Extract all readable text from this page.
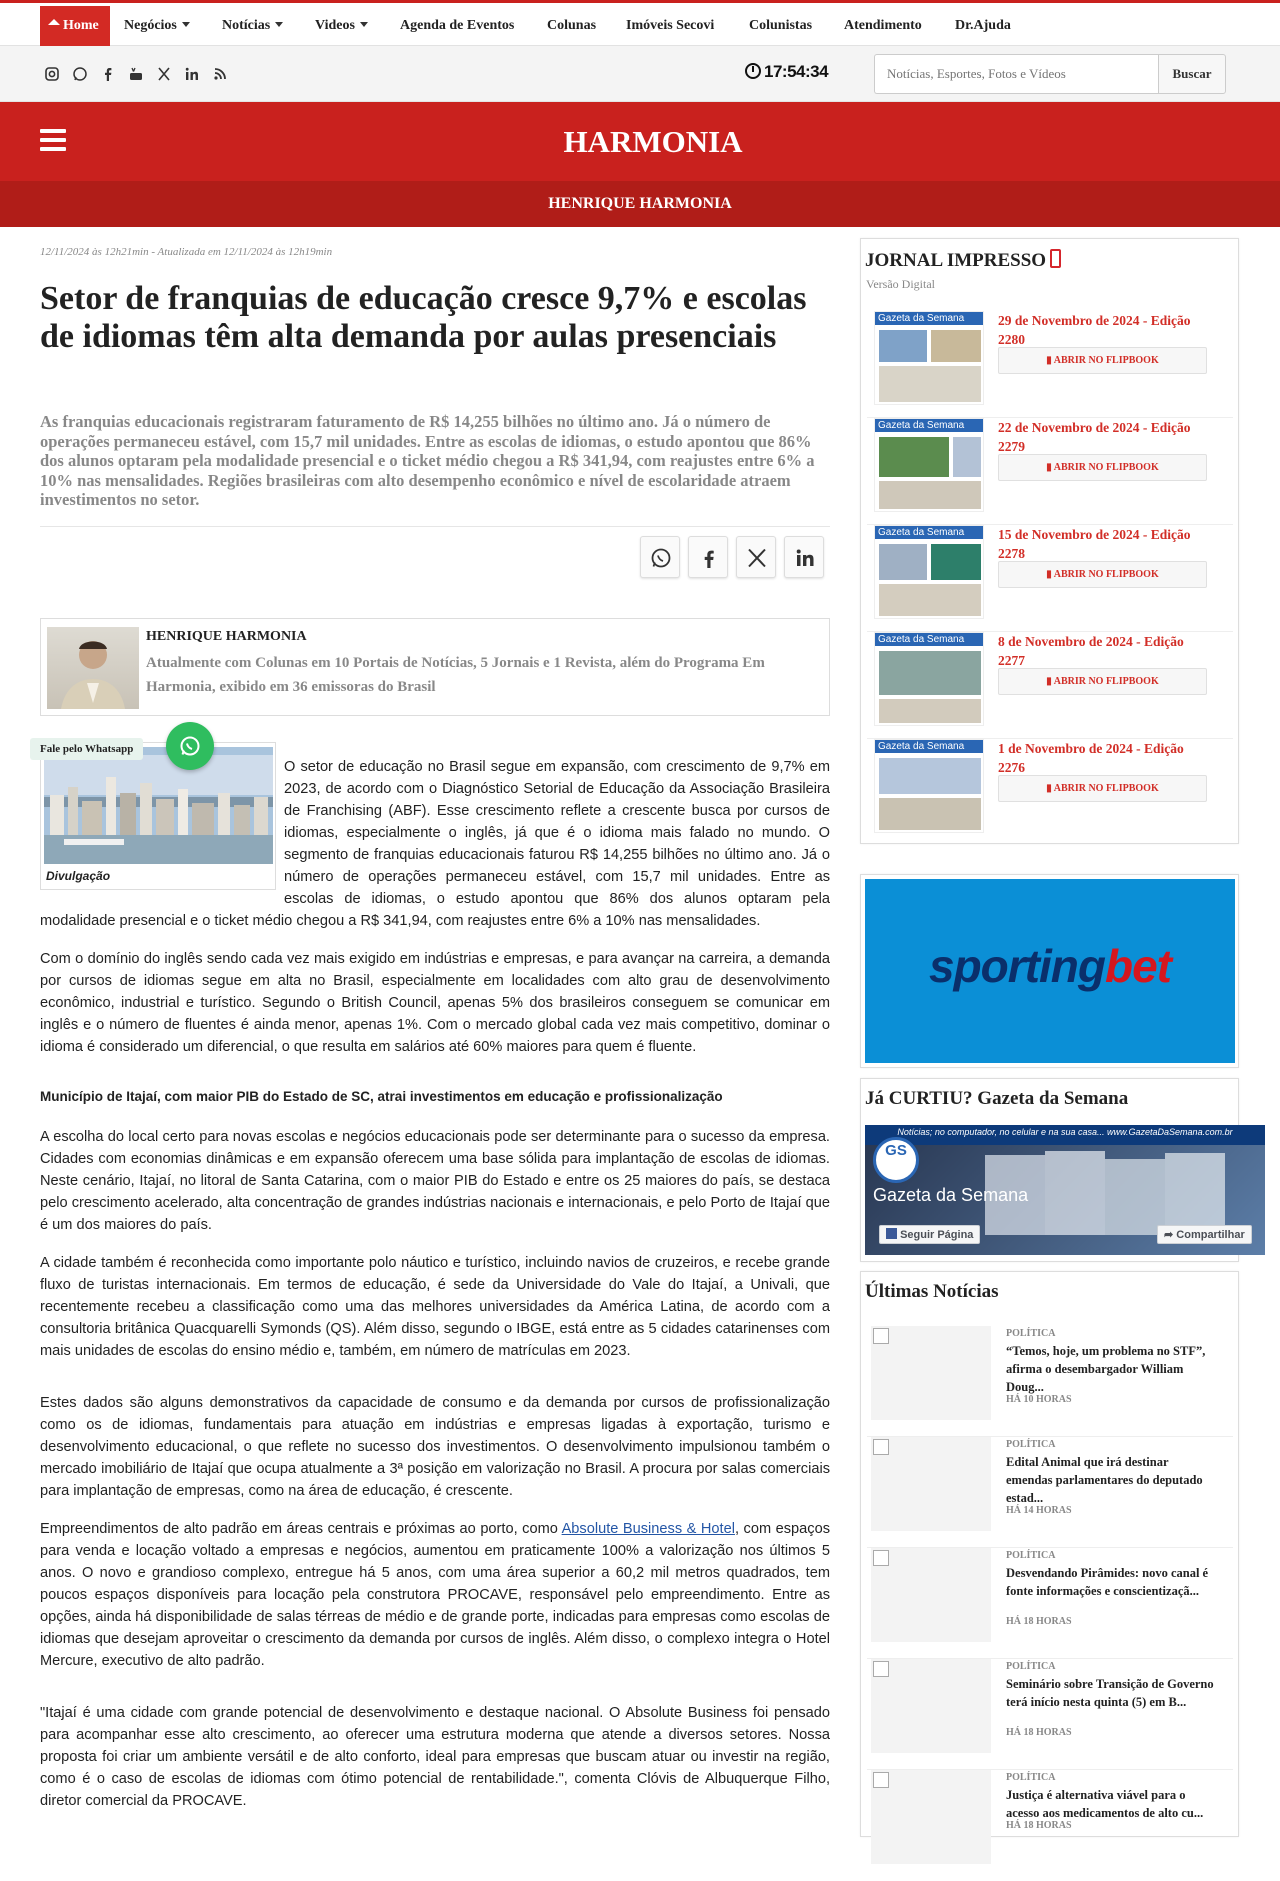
Home	Negócios	Notícias	Videos	Agenda de Eventos Colunas Imóveis Secovi Colunistas Atendimento Dr.Ajuda
17:54:34
Notícias, Esportes, Fotos e Vídeos	Buscar
HARMONIA
HENRIQUE HARMONIA
12/11/2024 às 12h21min - Atualizada em 12/11/2024 às 12h19min
Setor de franquias de educação cresce 9,7% e escolas de idiomas têm alta demanda por aulas presenciais
As franquias educacionais registraram faturamento de R$ 14,255 bilhões no último ano. Já o número de operações permaneceu estável, com 15,7 mil unidades. Entre as escolas de idiomas, o estudo apontou que 86% dos alunos optaram pela modalidade presencial e o ticket médio chegou a R$ 341,94, com reajustes entre 6% a 10% nas mensalidades. Regiões brasileiras com alto desempenho econômico e nível de escolaridade atraem investimentos no setor.
HENRIQUE HARMONIA
Atualmente com Colunas em 10 Portais de Notícias, 5 Jornais e 1 Revista, além do Programa Em Harmonia, exibido em 36 emissoras do Brasil
Divulgação
Fale pelo Whatsapp

O setor de educação no Brasil segue em expansão, com crescimento de 9,7% em 2023, de acordo com o Diagnóstico Setorial de Educação da Associação Brasileira de Franchising (ABF). Esse crescimento reflete a crescente busca por cursos de idiomas, especialmente o inglês, já que é o idioma mais falado no mundo. O segmento de franquias educacionais faturou R$ 14,255 bilhões no último ano. Já o número de operações permaneceu estável, com 15,7 mil unidades. Entre as escolas de idiomas, o estudo apontou que 86% dos alunos optaram pela modalidade presencial e o ticket médio chegou a R$ 341,94, com reajustes entre 6% a 10% nas mensalidades.

Com o domínio do inglês sendo cada vez mais exigido em indústrias e empresas, e para avançar na carreira, a demanda por cursos de idiomas segue em alta no Brasil, especialmente em localidades com alto grau de desenvolvimento econômico, industrial e turístico. Segundo o British Council, apenas 5% dos brasileiros conseguem se comunicar em inglês e o número de fluentes é ainda menor, apenas 1%. Com o mercado global cada vez mais competitivo, dominar o idioma é considerado um diferencial, o que resulta em salários até 60% maiores para quem é fluente.

Município de Itajaí, com maior PIB do Estado de SC, atrai investimentos em educação e profissionalização

A escolha do local certo para novas escolas e negócios educacionais pode ser determinante para o sucesso da empresa. Cidades com economias dinâmicas e em expansão oferecem uma base sólida para implantação de escolas de idiomas. Neste cenário, Itajaí, no litoral de Santa Catarina, com o maior PIB do Estado e entre os 25 maiores do país, se destaca pelo crescimento acelerado, alta concentração de grandes indústrias nacionais e internacionais, e pelo Porto de Itajaí que é um dos maiores do país.

A cidade também é reconhecida como importante polo náutico e turístico, incluindo navios de cruzeiros, e recebe grande fluxo de turistas internacionais. Em termos de educação, é sede da Universidade do Vale do Itajaí, a Univali, que recentemente recebeu a classificação como uma das melhores universidades da América Latina, de acordo com a consultoria britânica Quacquarelli Symonds (QS). Além disso, segundo o IBGE, está entre as 5 cidades catarinenses com mais unidades de escolas do ensino médio e, também, em número de matrículas em 2023.

Estes dados são alguns demonstrativos da capacidade de consumo e da demanda por cursos de profissionalização como os de idiomas, fundamentais para atuação em indústrias e empresas ligadas à exportação, turismo e desenvolvimento educacional, o que reflete no sucesso dos investimentos. O desenvolvimento impulsionou também o mercado imobiliário de Itajaí que ocupa atualmente a 3ª posição em valorização no Brasil. A procura por salas comerciais para implantação de empresas, como na área de educação, é crescente.

Empreendimentos de alto padrão em áreas centrais e próximas ao porto, como Absolute Business & Hotel, com espaços para venda e locação voltado a empresas e negócios, aumentou em praticamente 100% a valorização nos últimos 5 anos. O novo e grandioso complexo, entregue há 5 anos, com uma área superior a 60,2 mil metros quadrados, tem poucos espaços disponíveis para locação pela construtora PROCAVE, responsável pelo empreendimento. Entre as opções, ainda há disponibilidade de salas térreas de médio e de grande porte, indicadas para empresas como escolas de idiomas que desejam aproveitar o crescimento da demanda por cursos de inglês. Além disso, o complexo integra o Hotel Mercure, executivo de alto padrão.

"Itajaí é uma cidade com grande potencial de desenvolvimento e destaque nacional. O Absolute Business foi pensado para acompanhar esse alto crescimento, ao oferecer uma estrutura moderna que atende a diversos setores. Nossa proposta foi criar um ambiente versátil e de alto conforto, ideal para empresas que buscam atuar ou investir na região, como é o caso de escolas de idiomas com ótimo potencial de rentabilidade.", comenta Clóvis de Albuquerque Filho, diretor comercial da PROCAVE.

JORNAL IMPRESSO
Versão Digital
Gazeta da Semana	29 de Novembro de 2024 - Edição 2280
▮ ABRIR NO FLIPBOOK
Gazeta da Semana	22 de Novembro de 2024 - Edição 2279
▮ ABRIR NO FLIPBOOK
Gazeta da Semana	15 de Novembro de 2024 - Edição 2278
▮ ABRIR NO FLIPBOOK
Gazeta da Semana	8 de Novembro de 2024 - Edição 2277
▮ ABRIR NO FLIPBOOK
Gazeta da Semana	1 de Novembro de 2024 - Edição 2276
▮ ABRIR NO FLIPBOOK
sportingbet
Já CURTIU? Gazeta da Semana
Notícias; no computador, no celular e na sua casa... www.GazetaDaSemana.com.br
GS
Gazeta da Semana
Seguir Página	➦ Compartilhar
Últimas Notícias
POLÍTICA
“Temos, hoje, um problema no STF”, afirma o desembargador William Doug...
HÁ 10 HORAS
POLÍTICA
Edital Animal que irá destinar emendas parlamentares do deputado estad...
HÁ 14 HORAS
POLÍTICA
Desvendando Pirâmides: novo canal é fonte informações e conscientizaçã...
HÁ 18 HORAS
POLÍTICA
Seminário sobre Transição de Governo terá início nesta quinta (5) em B...
HÁ 18 HORAS
POLÍTICA
Justiça é alternativa viável para o acesso aos medicamentos de alto cu...
HÁ 18 HORAS
